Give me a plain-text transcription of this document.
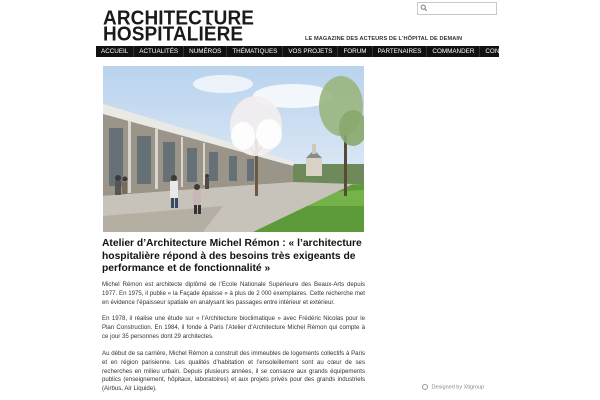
ARCHITECTURE
HOSPITALIÈRE	LE MAGAZINE DES ACTEURS DE L'HÔPITAL DE DEMAIN
ACCUEIL	ACTUALITÉS	NUMÉROS	THÉMATIQUES	VOS PROJETS	FORUM	PARTENAIRES	COMMANDER	CONTACTS
Atelier d’Architecture Michel Rémon : « l’architecture hospitalière répond à des besoins très exigeants de performance et de fonctionnalité »

Michel Rémon est architecte diplômé de l’Ecole Nationale Supérieure des Beaux-Arts depuis 1977. En 1975, il publie « la Façade épaisse » à plus de 2 000 exemplaires. Cette recherche met en évidence l’épaisseur spatiale en analysant les passages entre intérieur et extérieur.

En 1978, il réalise une étude sur « l’Architecture bioclimatique » avec Frédéric Nicolas pour le Plan Construction. En 1984, il fonde à Paris l’Atelier d’Architecture Michel Rémon qui compte à ce jour 35 personnes dont 29 architectes.

Au début de sa carrière, Michel Rémon a construit des immeubles de logements collectifs à Paris et en région parisienne. Les qualités d’habitation et l’ensoleillement sont au cœur de ses recherches en milieu urbain. Depuis plusieurs années, il se consacre aux grands équipements publics (enseignement, hôpitaux, laboratoires) et aux projets privés pour des grands industriels (Airbus, Air Liquide).	Designed by Xtigroup
